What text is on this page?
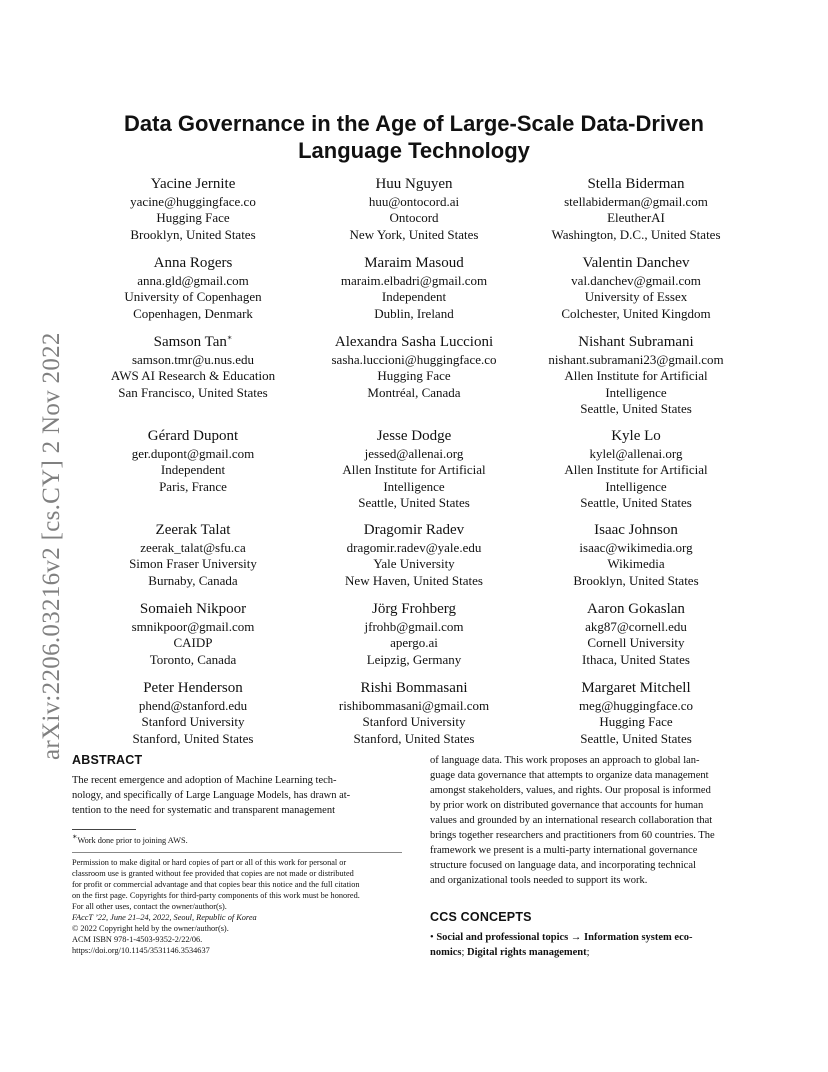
arXiv:2206.03216v2 [cs.CY] 2 Nov 2022
Data Governance in the Age of Large-Scale Data-Driven
Language Technology
Yacine Jernite
yacine@huggingface.co
Hugging Face
Brooklyn, United States
Huu Nguyen
huu@ontocord.ai
Ontocord
New York, United States
Stella Biderman
stellabiderman@gmail.com
EleutherAI
Washington, D.C., United States
Anna Rogers
anna.gld@gmail.com
University of Copenhagen
Copenhagen, Denmark
Maraim Masoud
maraim.elbadri@gmail.com
Independent
Dublin, Ireland
Valentin Danchev
val.danchev@gmail.com
University of Essex
Colchester, United Kingdom
Samson Tan∗
samson.tmr@u.nus.edu
AWS AI Research & Education
San Francisco, United States
Alexandra Sasha Luccioni
sasha.luccioni@huggingface.co
Hugging Face
Montréal, Canada
Nishant Subramani
nishant.subramani23@gmail.com
Allen Institute for Artificial
Intelligence
Seattle, United States
Gérard Dupont
ger.dupont@gmail.com
Independent
Paris, France
Jesse Dodge
jessed@allenai.org
Allen Institute for Artificial
Intelligence
Seattle, United States
Kyle Lo
kylel@allenai.org
Allen Institute for Artificial
Intelligence
Seattle, United States
Zeerak Talat
zeerak_talat@sfu.ca
Simon Fraser University
Burnaby, Canada
Dragomir Radev
dragomir.radev@yale.edu
Yale University
New Haven, United States
Isaac Johnson
isaac@wikimedia.org
Wikimedia
Brooklyn, United States
Somaieh Nikpoor
smnikpoor@gmail.com
CAIDP
Toronto, Canada
Jörg Frohberg
jfrohb@gmail.com
apergo.ai
Leipzig, Germany
Aaron Gokaslan
akg87@cornell.edu
Cornell University
Ithaca, United States
Peter Henderson
phend@stanford.edu
Stanford University
Stanford, United States
Rishi Bommasani
rishibommasani@gmail.com
Stanford University
Stanford, United States
Margaret Mitchell
meg@huggingface.co
Hugging Face
Seattle, United States
ABSTRACT
The recent emergence and adoption of Machine Learning tech-
nology, and specifically of Large Language Models, has drawn at-
tention to the need for systematic and transparent management
∗Work done prior to joining AWS.
Permission to make digital or hard copies of part or all of this work for personal or
classroom use is granted without fee provided that copies are not made or distributed
for profit or commercial advantage and that copies bear this notice and the full citation
on the first page. Copyrights for third-party components of this work must be honored.
For all other uses, contact the owner/author(s).
FAccT ’22, June 21–24, 2022, Seoul, Republic of Korea
© 2022 Copyright held by the owner/author(s).
ACM ISBN 978-1-4503-9352-2/22/06.
https://doi.org/10.1145/3531146.3534637
of language data. This work proposes an approach to global lan-
guage data governance that attempts to organize data management
amongst stakeholders, values, and rights. Our proposal is informed
by prior work on distributed governance that accounts for human
values and grounded by an international research collaboration that
brings together researchers and practitioners from 60 countries. The
framework we present is a multi-party international governance
structure focused on language data, and incorporating technical
and organizational tools needed to support its work.
CCS CONCEPTS
• Social and professional topics → Information system eco-
nomics; Digital rights management;
